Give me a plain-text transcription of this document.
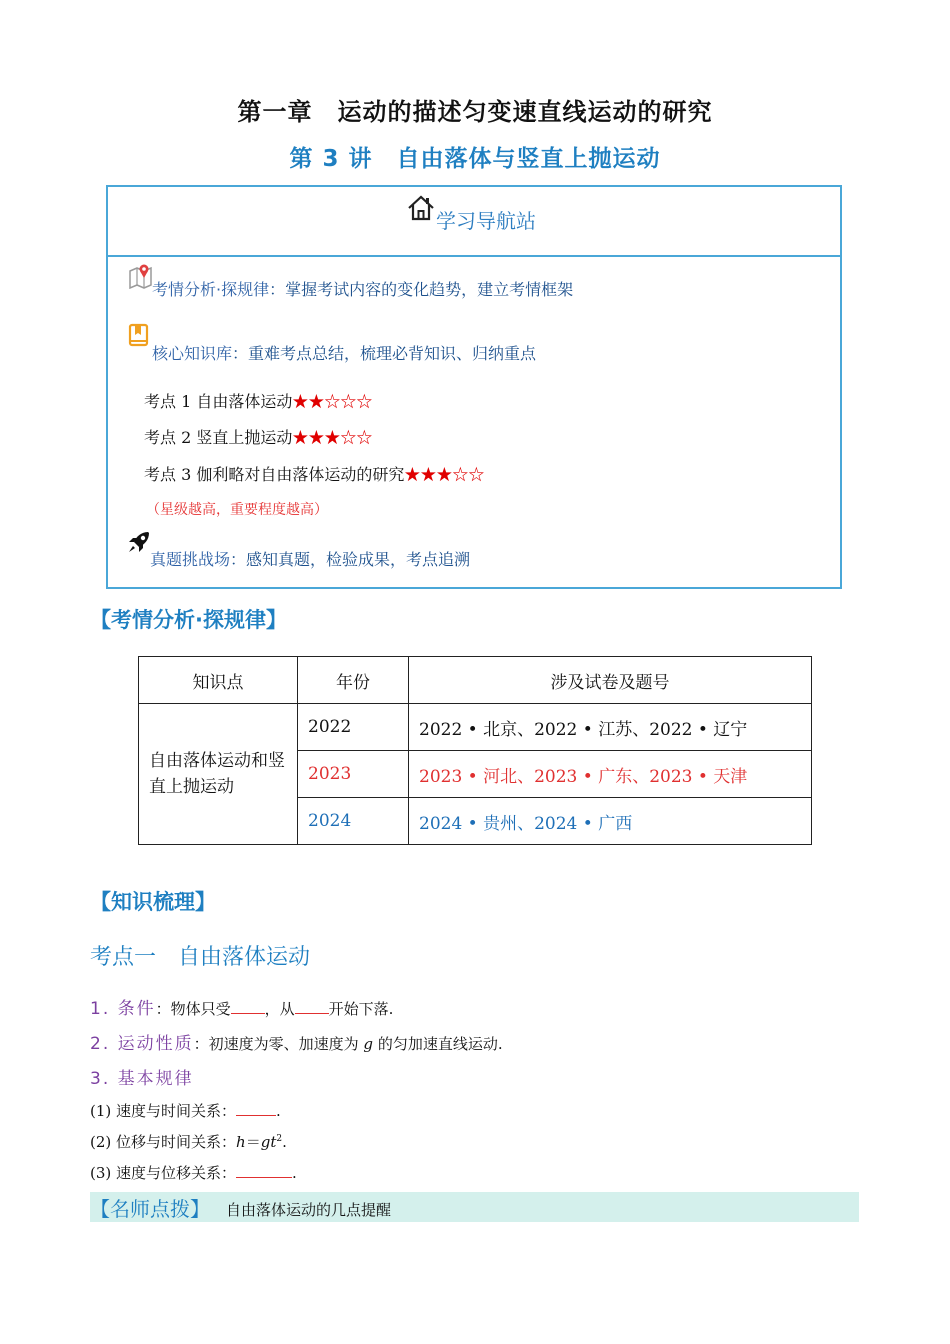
第一章　运动的描述匀变速直线运动的研究
第 3 讲　自由落体与竖直上抛运动
学习导航站
考情分析·探规律：掌握考试内容的变化趋势，建立考情框架
核心知识库：重难考点总结，梳理必背知识、归纳重点
考点 1 自由落体运动★★☆☆☆
考点 2 竖直上抛运动★★★☆☆
考点 3 伽利略对自由落体运动的研究★★★☆☆
（星级越高，重要程度越高）
真题挑战场：感知真题，检验成果，考点追溯
【考情分析·探规律】
知识点	年份	涉及试卷及题号
自由落体运动和竖直上抛运动	2022	2022 • 北京、2022 • 江苏、2022 • 辽宁
	2023	2023 • 河北、2023 • 广东、2023 • 天津
	2024	2024 • 贵州、2024 • 广西
【知识梳理】
考点一 自由落体运动
1. 条件：物体只受 ，从 开始下落.
2. 运动性质：初速度为零、加速度为 g 的匀加速直线运动.
3. 基本规律
(1) 速度与时间关系：	.
(2) 位移与时间关系：$h=gt^2$.
(3) 速度与位移关系：	.
【名师点拨】 自由落体运动的几点提醒
